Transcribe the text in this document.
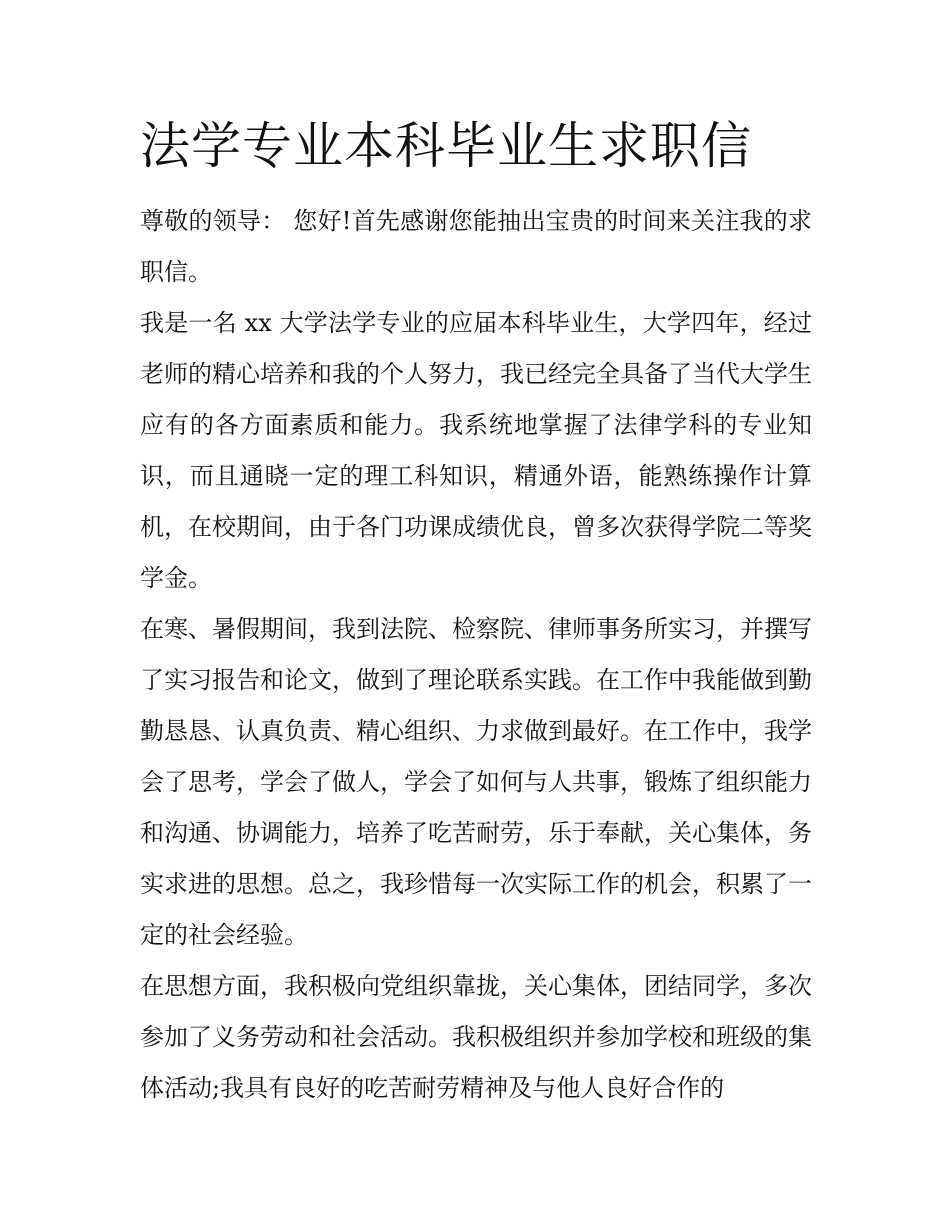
法学专业本科毕业生求职信

尊敬的领导： 您好!首先感谢您能抽出宝贵的时间来关注我的求职信。

我是一名 xx 大学法学专业的应届本科毕业生，大学四年，经过老师的精心培养和我的个人努力，我已经完全具备了当代大学生应有的各方面素质和能力。我系统地掌握了法律学科的专业知识，而且通晓一定的理工科知识，精通外语，能熟练操作计算机，在校期间，由于各门功课成绩优良，曾多次获得学院二等奖学金。

在寒、暑假期间，我到法院、检察院、律师事务所实习，并撰写了实习报告和论文，做到了理论联系实践。在工作中我能做到勤勤恳恳、认真负责、精心组织、力求做到最好。在工作中，我学会了思考，学会了做人，学会了如何与人共事，锻炼了组织能力和沟通、协调能力，培养了吃苦耐劳，乐于奉献，关心集体，务实求进的思想。总之，我珍惜每一次实际工作的机会，积累了一定的社会经验。

在思想方面，我积极向党组织靠拢，关心集体，团结同学，多次参加了义务劳动和社会活动。我积极组织并参加学校和班级的集体活动;我具有良好的吃苦耐劳精神及与他人良好合作的
